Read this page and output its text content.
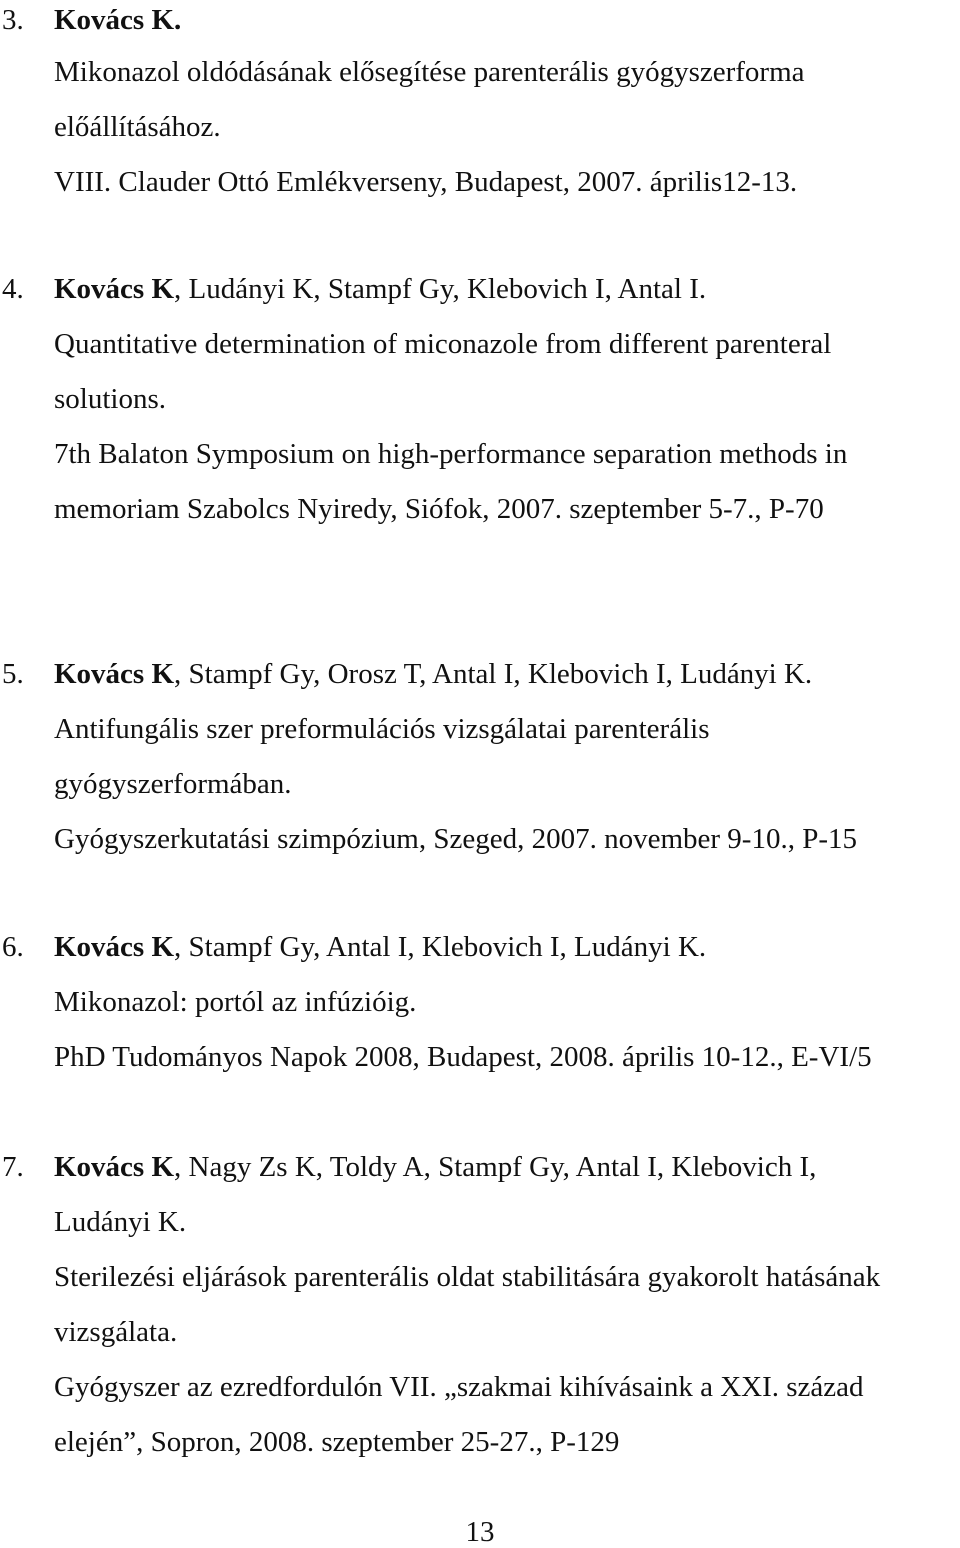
3. Kovács K.
Mikonazol oldódásának elősegítése parenterális gyógyszerforma
előállításához.
VIII. Clauder Ottó Emlékverseny, Budapest, 2007. április12-13.
4. Kovács K, Ludányi K, Stampf Gy, Klebovich I, Antal I.
Quantitative determination of miconazole from different parenteral
solutions.
7th Balaton Symposium on high-performance separation methods in
memoriam Szabolcs Nyiredy, Siófok, 2007. szeptember 5-7., P-70
5. Kovács K, Stampf Gy, Orosz T, Antal I, Klebovich I, Ludányi K.
Antifungális szer preformulációs vizsgálatai parenterális
gyógyszerformában.
Gyógyszerkutatási szimpózium, Szeged, 2007. november 9-10., P-15
6. Kovács K, Stampf Gy, Antal I, Klebovich I, Ludányi K.
Mikonazol: portól az infúzióig.
PhD Tudományos Napok 2008, Budapest, 2008. április 10-12., E-VI/5
7. Kovács K, Nagy Zs K, Toldy A, Stampf Gy, Antal I, Klebovich I,
Ludányi K.
Sterilezési eljárások parenterális oldat stabilitására gyakorolt hatásának
vizsgálata.
Gyógyszer az ezredfordulón VII. „szakmai kihívásaink a XXI. század
elején”, Sopron, 2008. szeptember 25-27., P-129
13
